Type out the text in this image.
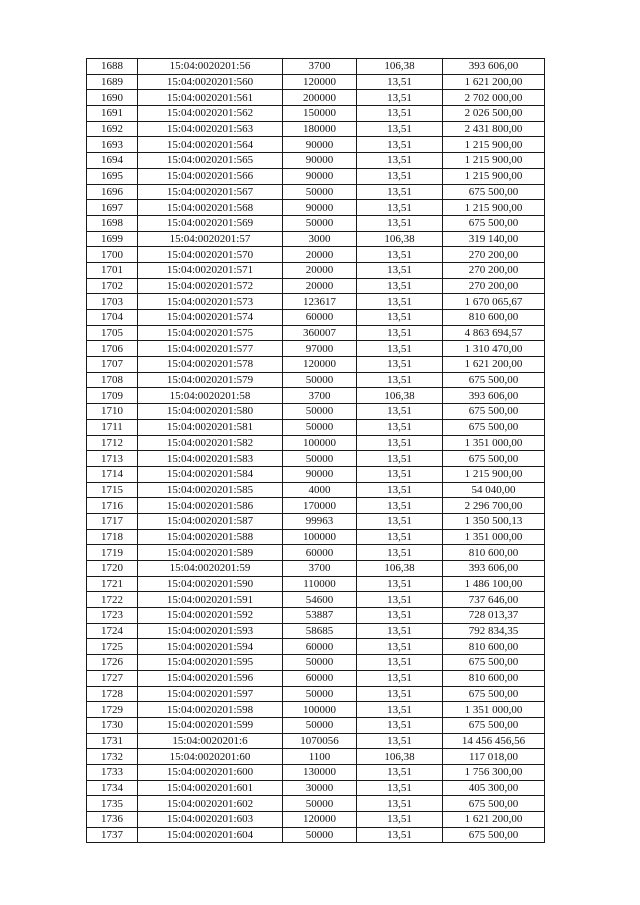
1688	15:04:0020201:56	3700	106,38	393 606,00
1689	15:04:0020201:560	120000	13,51	1 621 200,00
1690	15:04:0020201:561	200000	13,51	2 702 000,00
1691	15:04:0020201:562	150000	13,51	2 026 500,00
1692	15:04:0020201:563	180000	13,51	2 431 800,00
1693	15:04:0020201:564	90000	13,51	1 215 900,00
1694	15:04:0020201:565	90000	13,51	1 215 900,00
1695	15:04:0020201:566	90000	13,51	1 215 900,00
1696	15:04:0020201:567	50000	13,51	675 500,00
1697	15:04:0020201:568	90000	13,51	1 215 900,00
1698	15:04:0020201:569	50000	13,51	675 500,00
1699	15:04:0020201:57	3000	106,38	319 140,00
1700	15:04:0020201:570	20000	13,51	270 200,00
1701	15:04:0020201:571	20000	13,51	270 200,00
1702	15:04:0020201:572	20000	13,51	270 200,00
1703	15:04:0020201:573	123617	13,51	1 670 065,67
1704	15:04:0020201:574	60000	13,51	810 600,00
1705	15:04:0020201:575	360007	13,51	4 863 694,57
1706	15:04:0020201:577	97000	13,51	1 310 470,00
1707	15:04:0020201:578	120000	13,51	1 621 200,00
1708	15:04:0020201:579	50000	13,51	675 500,00
1709	15:04:0020201:58	3700	106,38	393 606,00
1710	15:04:0020201:580	50000	13,51	675 500,00
1711	15:04:0020201:581	50000	13,51	675 500,00
1712	15:04:0020201:582	100000	13,51	1 351 000,00
1713	15:04:0020201:583	50000	13,51	675 500,00
1714	15:04:0020201:584	90000	13,51	1 215 900,00
1715	15:04:0020201:585	4000	13,51	54 040,00
1716	15:04:0020201:586	170000	13,51	2 296 700,00
1717	15:04:0020201:587	99963	13,51	1 350 500,13
1718	15:04:0020201:588	100000	13,51	1 351 000,00
1719	15:04:0020201:589	60000	13,51	810 600,00
1720	15:04:0020201:59	3700	106,38	393 606,00
1721	15:04:0020201:590	110000	13,51	1 486 100,00
1722	15:04:0020201:591	54600	13,51	737 646,00
1723	15:04:0020201:592	53887	13,51	728 013,37
1724	15:04:0020201:593	58685	13,51	792 834,35
1725	15:04:0020201:594	60000	13,51	810 600,00
1726	15:04:0020201:595	50000	13,51	675 500,00
1727	15:04:0020201:596	60000	13,51	810 600,00
1728	15:04:0020201:597	50000	13,51	675 500,00
1729	15:04:0020201:598	100000	13,51	1 351 000,00
1730	15:04:0020201:599	50000	13,51	675 500,00
1731	15:04:0020201:6	1070056	13,51	14 456 456,56
1732	15:04:0020201:60	1100	106,38	117 018,00
1733	15:04:0020201:600	130000	13,51	1 756 300,00
1734	15:04:0020201:601	30000	13,51	405 300,00
1735	15:04:0020201:602	50000	13,51	675 500,00
1736	15:04:0020201:603	120000	13,51	1 621 200,00
1737	15:04:0020201:604	50000	13,51	675 500,00
